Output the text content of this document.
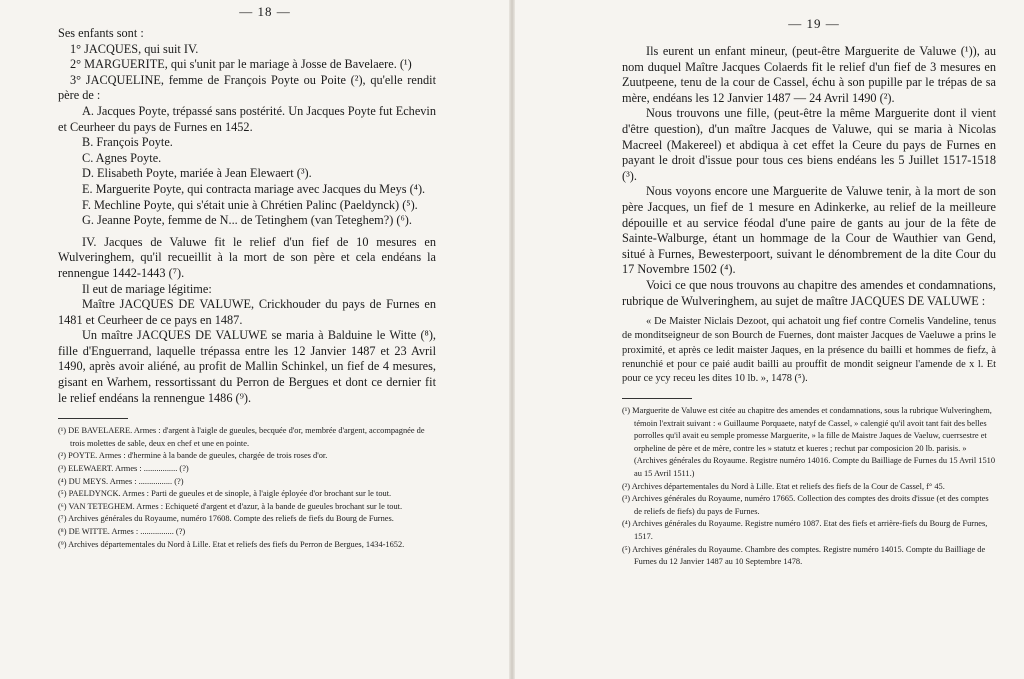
— 18 —

Ses enfants sont :

1° JACQUES, qui suit IV.

2° MARGUERITE, qui s'unit par le mariage à Josse de Bavelaere. (¹)

3° JACQUELINE, femme de François Poyte ou Poite (²), qu'elle rendit père de :

A. Jacques Poyte, trépassé sans postérité. Un Jacques Poyte fut Echevin et Ceurheer du pays de Furnes en 1452.

B. François Poyte.

C. Agnes Poyte.

D. Elisabeth Poyte, mariée à Jean Elewaert (³).

E. Marguerite Poyte, qui contracta mariage avec Jacques du Meys (⁴).

F. Mechline Poyte, qui s'était unie à Chrétien Palinc (Paeldynck) (⁵).

G. Jeanne Poyte, femme de N... de Tetinghem (van Teteghem?) (⁶).

IV. Jacques de Valuwe fit le relief d'un fief de 10 mesures en Wulveringhem, qu'il recueillit à la mort de son père et cela endéans la rennengue 1442-1443 (⁷).

Il eut de mariage légitime:

Maître JACQUES DE VALUWE, Crickhouder du pays de Furnes en 1481 et Ceurheer de ce pays en 1487.

Un maître JACQUES DE VALUWE se maria à Balduine le Witte (⁸), fille d'Enguerrand, laquelle trépassa entre les 12 Janvier 1487 et 23 Avril 1490, après avoir aliéné, au profit de Mallin Schinkel, un fief de 4 mesures, gisant en Warhem, ressortissant du Perron de Bergues et dont ce dernier fit le relief endéans la rennengue 1486 (⁹).

(¹) DE BAVELAERE. Armes : d'argent à l'aigle de gueules, becquée d'or, membrée d'argent, accompagnée de trois molettes de sable, deux en chef et une en pointe.

(²) POYTE. Armes : d'hermine à la bande de gueules, chargée de trois roses d'or.

(³) ELEWAERT. Armes : ................ (?)

(⁴) DU MEYS. Armes : ................ (?)

(⁵) PAELDYNCK. Armes : Parti de gueules et de sinople, à l'aigle éployée d'or brochant sur le tout.

(⁶) VAN TETEGHEM. Armes : Echiqueté d'argent et d'azur, à la bande de gueules brochant sur le tout.

(⁷) Archives générales du Royaume, numéro 17608. Compte des reliefs de fiefs du Bourg de Furnes.

(⁸) DE WITTE. Armes : ................ (?)

(⁹) Archives départementales du Nord à Lille. Etat et reliefs des fiefs du Perron de Bergues, 1434-1652.

— 19 —

Ils eurent un enfant mineur, (peut-être Marguerite de Valuwe (¹)), au nom duquel Maître Jacques Colaerds fit le relief d'un fief de 3 mesures en Zuutpeene, tenu de la cour de Cassel, échu à son pupille par le trépas de sa mère, endéans les 12 Janvier 1487 — 24 Avril 1490 (²).

Nous trouvons une fille, (peut-être la même Marguerite dont il vient d'être question), d'un maître Jacques de Valuwe, qui se maria à Nicolas Macreel (Makereel) et abdiqua à cet effet la Ceure du pays de Furnes en payant le droit d'issue pour tous ces biens endéans les 5 Juillet 1517-1518 (³).

Nous voyons encore une Marguerite de Valuwe tenir, à la mort de son père Jacques, un fief de 1 mesure en Adinkerke, au relief de la meilleure dépouille et au service féodal d'une paire de gants au jour de la fête de Sainte-Walburge, étant un hommage de la Cour de Wauthier van Gend, situé à Furnes, Bewesterpoort, suivant le dénombrement de la dite Cour du 17 Novembre 1502 (⁴).

Voici ce que nous trouvons au chapitre des amendes et condamnations, rubrique de Wulveringhem, au sujet de maître JACQUES DE VALUWE :

« De Maister Niclais Dezoot, qui achatoit ung fief contre Cornelis Vandeline, tenus de monditseigneur de son Bourch de Fuernes, dont maister Jacques de Vaeluwe a prins le proximité, et après ce ledit maister Jaques, en la présence du bailli et hommes de fiefz, à renunchié et pour ce paié audit bailli au prouffit de mondit seigneur l'amende de x l. Et pour ce ycy receu les dites 10 lb. », 1478 (⁵).

(¹) Marguerite de Valuwe est citée au chapitre des amendes et condamnations, sous la rubrique Wulveringhem, témoin l'extrait suivant : « Guillaume Porquaete, natyf de Cassel, » calengié qu'il avoit tant fait des belles porrolles qu'il avait eu semple promesse Marguerite, » la fille de Maistre Jaques de Vaeluw, cuerrsestre et orpheline de père et de mère, contre les » statutz et kueres ; rechut par composicion 20 lb. parisis. » (Archives générales du Royaume. Registre numéro 14016. Compte du Bailliage de Furnes du 15 Avril 1510 au 15 Avril 1511.)

(²) Archives départementales du Nord à Lille. Etat et reliefs des fiefs de la Cour de Cassel, f° 45.

(³) Archives générales du Royaume, numéro 17665. Collection des comptes des droits d'issue (et des comptes de reliefs de fiefs) du pays de Furnes.

(⁴) Archives générales du Royaume. Registre numéro 1087. Etat des fiefs et arrière-fiefs du Bourg de Furnes, 1517.

(⁵) Archives générales du Royaume. Chambre des comptes. Registre numéro 14015. Compte du Bailliage de Furnes du 12 Janvier 1487 au 10 Septembre 1478.
